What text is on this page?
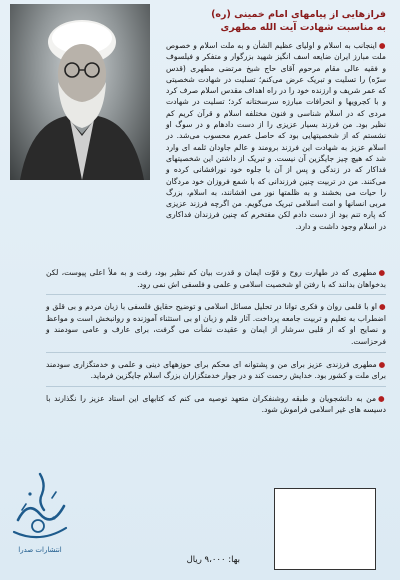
فرازهایی از پیامهای امام خمینی (ره)
به مناسبت شهادت آیت الله مطهری
●اینجانب به اسلام و اولیای عظیم الشأن و به ملت اسلام و خصوص ملت مبارز ایران ضایعه اسف انگیز شهید بزرگوار و متفکر و فیلسوف و فقیه عالی مقام مرحوم آقای حاج شیخ مرتضی مطهری (قدس سرّه) را تسلیت و تبریک عرض می‌کنم؛ تسلیت در شهادت شخصیتی که عمر شریف و ارزنده خود را در راه اهداف مقدس اسلام صرف کرد و با کجرویها و انحرافات مبارزه سرسختانه کرد؛ تسلیت در شهادت مردی که در اسلام شناسی و فنون مختلفه اسلام و قرآن کریم کم نظیر بود. من فرزند بسیار عزیزی را از دست دادهام و در سوگ او نشستم که از شخصیتهایی بود که حاصل عمرم محسوب می‌شد. در اسلام عزیز به شهادت این فرزند برومند و عالم جاودان ثلمه ای وارد شد که هیچ چیز جایگزین آن نیست. و تبریک از داشتن این شخصیتهای فداکار که در زندگی و پس از آن با جلوه خود نورافشانی کرده و می‌کنند. من در تربیت چنین فرزندانی که با شمع فروزان خود مردگان را حیات می بخشند و به ظلمتها نور می افشانند، به اسلام، بزرگ مربی انسانها و امت اسلامی تبریک می‌گویم. من اگرچه فرزند عزیزی که پاره تنم بود از دست دادم لکن مفتخرم که چنین فرزندان فداکاری در اسلام وجود داشت و دارد.
●مطهری که در طهارت روح و قوّت ایمان و قدرت بیان کم نظیر بود، رفت و به ملأ اعلی پیوست، لکن بدخواهان بدانند که با رفتن او شخصیت اسلامی و علمی و فلسفی اش نمی رود.
●او با قلمی روان و فکری توانا در تحلیل مسائل اسلامی و توضیح حقایق فلسفی با زبان مردم و بی قلق و اضطراب به تعلیم و تربیت جامعه پرداخت. آثار قلم و زبان او بی استثناء آموزنده و روانبخش است و مواعظ و نصایح او که از قلبی سرشار از ایمان و عقیدت نشأت می گرفت، برای عارف و عامی سودمند و فرحزاست.
●مطهری فرزندی عزیز برای من و پشتوانه ای محکم برای حوزههای دینی و علمی و خدمتگزاری سودمند برای ملت و کشور بود. خدایش رحمت کند و در جوار خدمتگزاران بزرگ اسلام جایگزین فرماید.
●من به دانشجویان و طبقه روشنفکران متعهد توصیه می کنم که کتابهای این استاد عزیز را نگذارند با دسیسه های غیر اسلامی فراموش شود.
انتشارات صدرا
بها: ۹،۰۰۰ ریال
